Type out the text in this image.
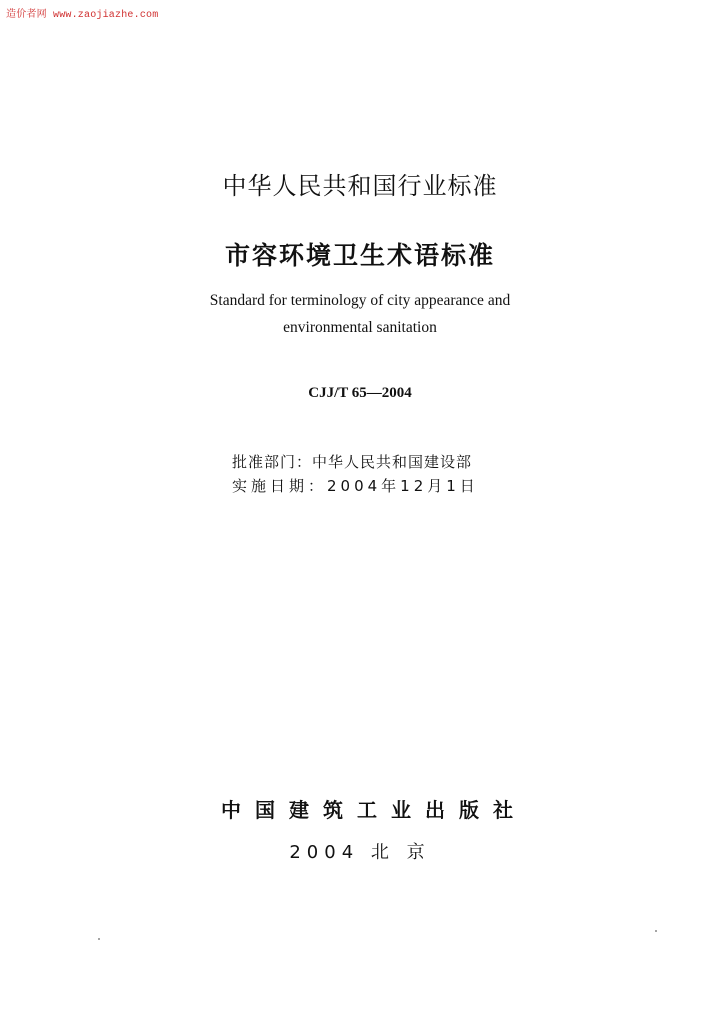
造价者网 www.zaojiazhe.com
中华人民共和国行业标准
市容环境卫生术语标准
Standard for terminology of city appearance and
environmental sanitation
CJJ/T 65—2004
批准部门：中华人民共和国建设部
实施日期：2004年12月1日
中国建筑工业出版社
2004 北 京
